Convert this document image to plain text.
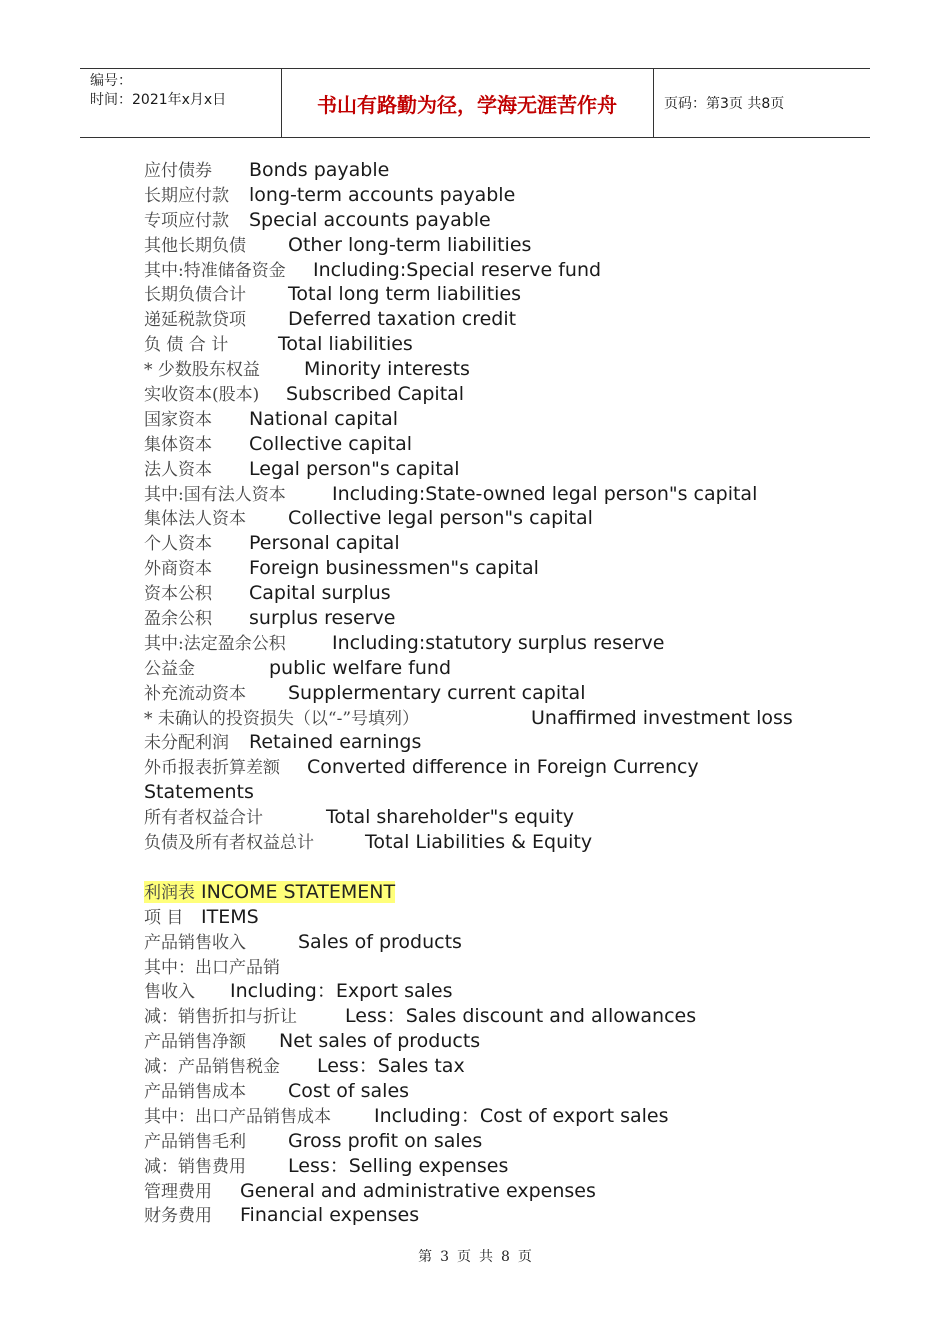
编号：
时间：2021年x月x日	书山有路勤为径，学海无涯苦作舟	页码：第3页 共8页
应付债券 Bonds payable
长期应付款 long-term accounts payable
专项应付款 Special accounts payable
其他长期负债 Other long-term liabilities
其中:特准储备资金 Including:Special reserve fund
长期负债合计 Total long term liabilities
递延税款贷项 Deferred taxation credit
负 债 合 计	Total liabilities
* 少数股东权益 Minority interests
实收资本(股本) Subscribed Capital
国家资本 National capital
集体资本 Collective capital
法人资本 Legal person"s capital
其中:国有法人资本 Including:State-owned legal person"s capital
集体法人资本 Collective legal person"s capital
个人资本 Personal capital
外商资本 Foreign businessmen"s capital
资本公积 Capital surplus
盈余公积 surplus reserve
其中:法定盈余公积 Including:statutory surplus reserve
公益金	public welfare fund
补充流动资本 Supplermentary current capital
* 未确认的投资损失（以“-”号填列）	Unaffirmed investment loss
未分配利润 Retained earnings
外币报表折算差额 Converted difference in Foreign Currency
Statements
所有者权益合计	Total shareholder"s equity
负债及所有者权益总计	Total Liabilities & Equity
利润表 INCOME STATEMENT
项 目 ITEMS
产品销售收入	Sales of products
其中：出口产品销
售收入 Including：Export sales
减：销售折扣与折让	Less：Sales discount and allowances
产品销售净额 Net sales of products
减：产品销售税金 Less：Sales tax
产品销售成本 Cost of sales
其中：出口产品销售成本 Including：Cost of export sales
产品销售毛利 Gross profit on sales
减：销售费用 Less：Selling expenses
管理费用 General and administrative expenses
财务费用 Financial expenses
第 3 页 共 8 页
